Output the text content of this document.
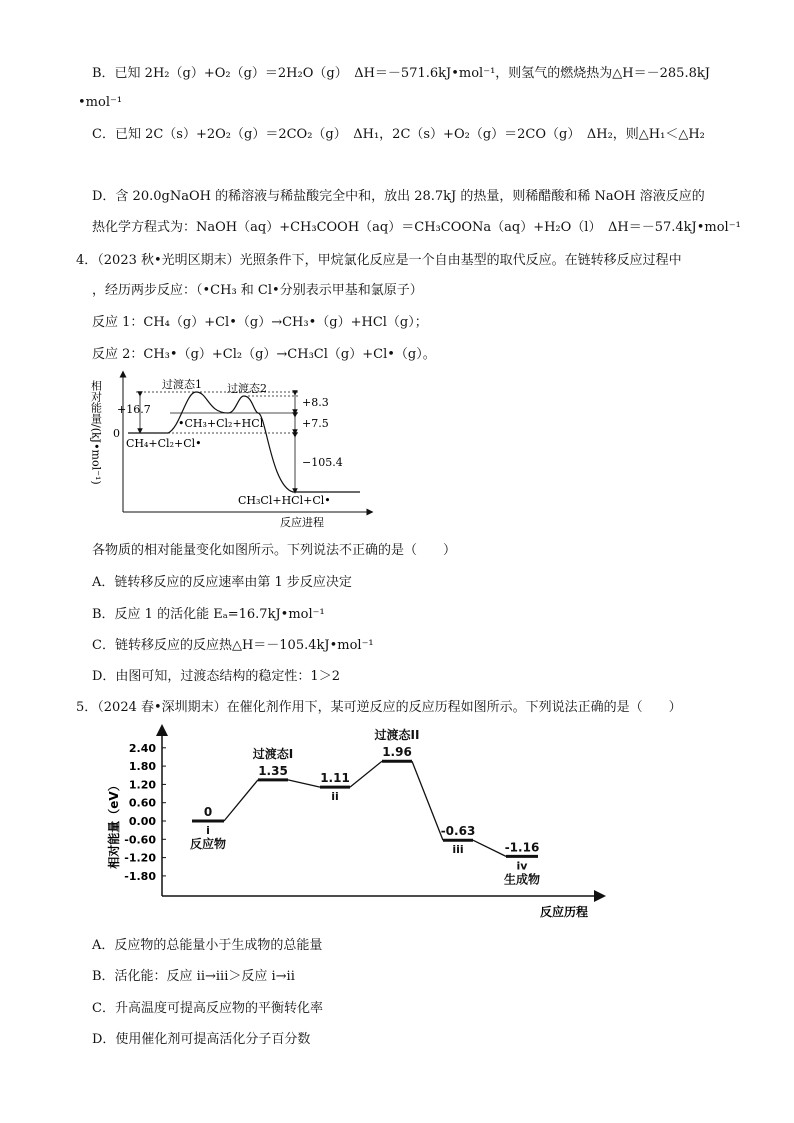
B．已知 2H₂（g）+O₂（g）＝2H₂O（g）　ΔH＝－571.6kJ•mol⁻¹，则氢气的燃烧热为△H＝－285.8kJ
•mol⁻¹
C．已知 2C（s）+2O₂（g）＝2CO₂（g）　ΔH₁，2C（s）+O₂（g）＝2CO（g）　ΔH₂，则△H₁＜△H₂
D．含 20.0gNaOH 的稀溶液与稀盐酸完全中和，放出 28.7kJ 的热量，则稀醋酸和稀 NaOH 溶液反应的
热化学方程式为：NaOH（aq）+CH₃COOH（aq）＝CH₃COONa（aq）+H₂O（l）　ΔH＝－57.4kJ•mol⁻¹
4．（2023 秋•光明区期末）光照条件下，甲烷氯化反应是一个自由基型的取代反应。在链转移反应过程中
，经历两步反应：（•CH₃ 和 Cl•分别表示甲基和氯原子）
反应 1：CH₄（g）+Cl•（g）→CH₃•（g）+HCl（g）；
反应 2：CH₃•（g）+Cl₂（g）→CH₃Cl（g）+Cl•（g）。
相对能量/(kJ•mol⁻¹) 0
+16.7
+8.3
+7.5
−105.4
过渡态1 过渡态2
•CH₃+Cl₂+HCl
CH₄+Cl₂+Cl•
CH₃Cl+HCl+Cl•
反应进程
各物质的相对能量变化如图所示。下列说法不正确的是（　　）
A．链转移反应的反应速率由第 1 步反应决定
B．反应 1 的活化能 Eₐ=16.7kJ•mol⁻¹
C．链转移反应的反应热△H＝－105.4kJ•mol⁻¹
D．由图可知，过渡态结构的稳定性：1＞2
5．（2024 春•深圳期末）在催化剂作用下，某可逆反应的反应历程如图所示。下列说法正确的是（　　）
2.40
1.80
1.20
0.60
0.00
-0.60
-1.20
-1.80
相对能量（eV）	0
i
反应物
1.35
过渡态I
1.11
ii
1.96
过渡态II
-0.63
iii	-1.16
iv
生成物
反应历程
A．反应物的总能量小于生成物的总能量
B．活化能：反应 ii→iii＞反应 i→ii
C．升高温度可提高反应物的平衡转化率
D．使用催化剂可提高活化分子百分数
